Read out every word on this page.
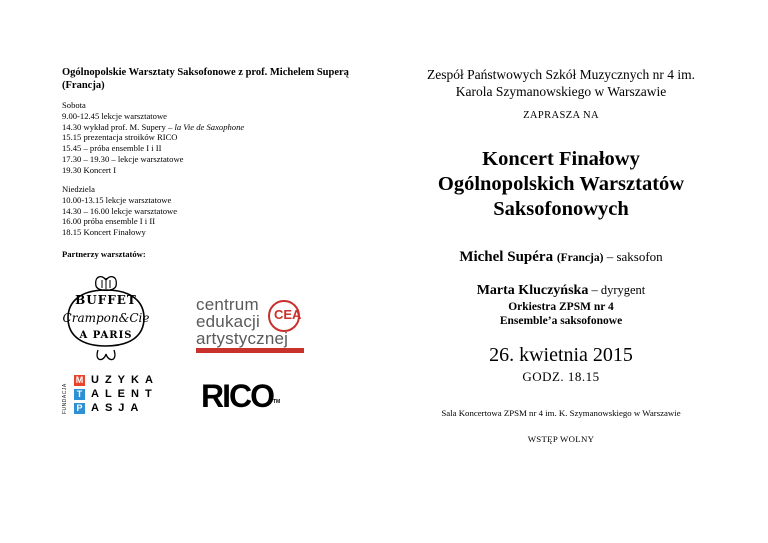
Ogólnopolskie Warsztaty Saksofonowe z prof. Michelem Superą
(Francja)
Sobota
9.00-12.45 lekcje warsztatowe
14.30 wykład prof. M. Supery – la Vie de Saxophone
15.15 prezentacja stroików RICO
15.45 – próba ensemble I i II
17.30 – 19.30 – lekcje warsztatowe
19.30 Koncert I
Niedziela
10.00-13.15 lekcje warsztatowe
14.30 – 16.00 lekcje warsztatowe
16.00 próba ensemble I i II
18.15 Koncert Finałowy
Partnerzy warsztatów:
BUFFET
Crampon&Cie
A PARIS
centrum
edukacji
artystycznej
CEA
FUNDACJA
M UZYKA
T ALENT
P ASJA RICO™
Zespół Państwowych Szkół Muzycznych nr 4 im.
Karola Szymanowskiego w Warszawie
ZAPRASZA NA
Koncert Finałowy
Ogólnopolskich Warsztatów
Saksofonowych
Michel Supéra (Francja) – saksofon
Marta Kluczyńska – dyrygent
Orkiestra ZPSM nr 4
Ensemble’a saksofonowe
26. kwietnia 2015
GODZ. 18.15
Sala Koncertowa ZPSM nr 4 im. K. Szymanowskiego w Warszawie
WSTĘP WOLNY
